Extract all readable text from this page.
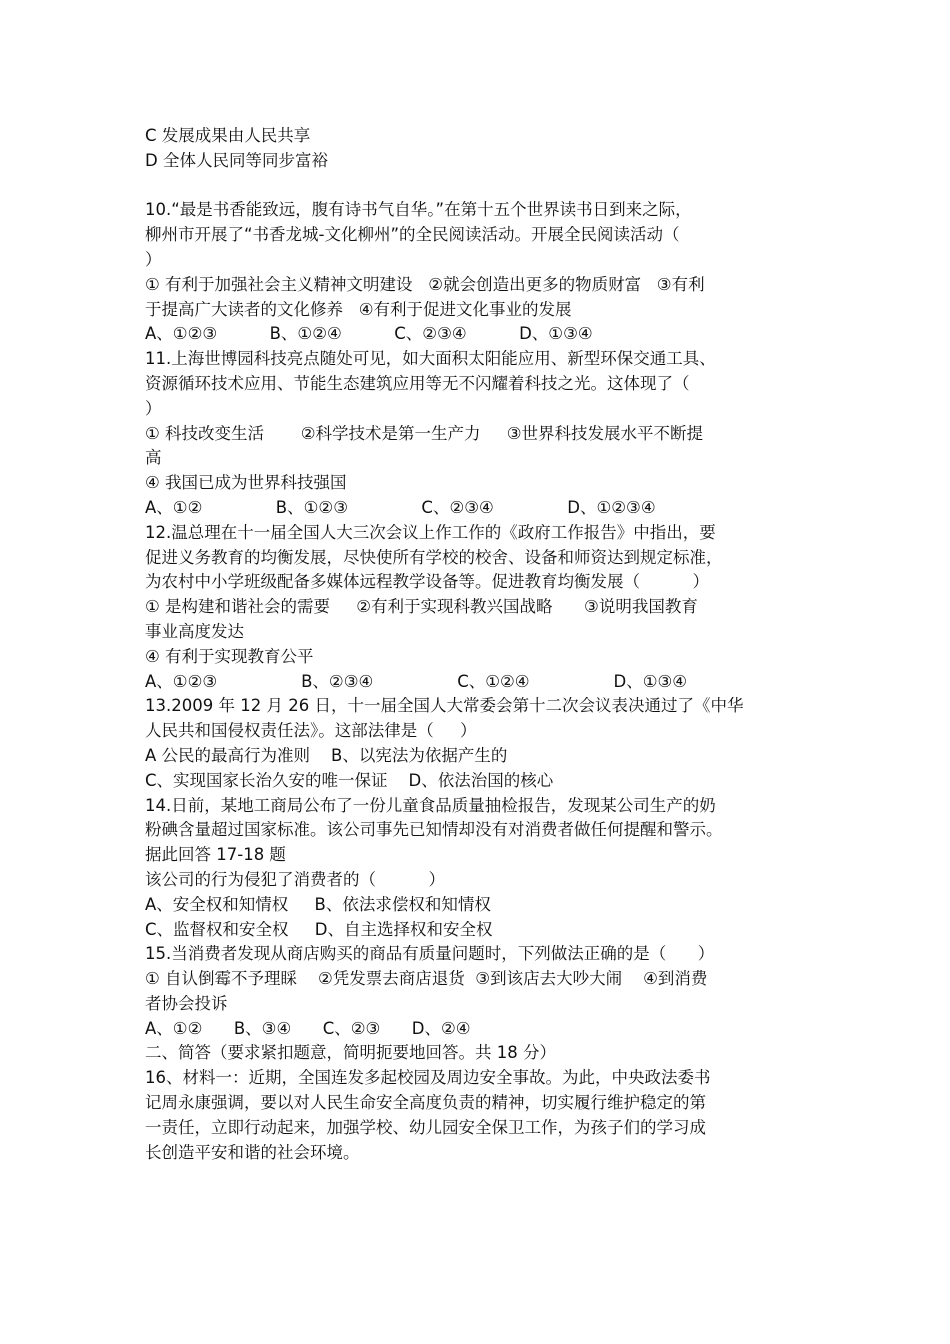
C 发展成果由人民共享
D 全体人民同等同步富裕
10.“最是书香能致远，腹有诗书气自华。”在第十五个世界读书日到来之际，
柳州市开展了“书香龙城-文化柳州”的全民阅读活动。开展全民阅读活动（
）
① 有利于加强社会主义精神文明建设   ②就会创造出更多的物质财富   ③有利
于提高广大读者的文化修养   ④有利于促进文化事业的发展
A、①②③          B、①②④          C、②③④          D、①③④
11.上海世博园科技亮点随处可见，如大面积太阳能应用、新型环保交通工具、
资源循环技术应用、节能生态建筑应用等无不闪耀着科技之光。这体现了（
）
① 科技改变生活       ②科学技术是第一生产力     ③世界科技发展水平不断提
高
④ 我国已成为世界科技强国
A、①②              B、①②③              C、②③④              D、①②③④
12.温总理在十一届全国人大三次会议上作工作的《政府工作报告》中指出，要
促进义务教育的均衡发展，尽快使所有学校的校舍、设备和师资达到规定标准，
为农村中小学班级配备多媒体远程教学设备等。促进教育均衡发展（          ）
① 是构建和谐社会的需要     ②有利于实现科教兴国战略      ③说明我国教育
事业高度发达
④ 有利于实现教育公平
A、①②③                B、②③④                C、①②④                D、①③④
13.2009 年 12 月 26 日，十一届全国人大常委会第十二次会议表决通过了《中华
人民共和国侵权责任法》。这部法律是（     ）
A 公民的最高行为准则    B、以宪法为依据产生的
C、实现国家长治久安的唯一保证    D、依法治国的核心
14.日前，某地工商局公布了一份儿童食品质量抽检报告，发现某公司生产的奶
粉碘含量超过国家标准。该公司事先已知情却没有对消费者做任何提醒和警示。
据此回答 17-18 题
该公司的行为侵犯了消费者的（          ）
A、安全权和知情权     B、依法求偿权和知情权
C、监督权和安全权     D、自主选择权和安全权
15.当消费者发现从商店购买的商品有质量问题时，下列做法正确的是（      ）
① 自认倒霉不予理睬    ②凭发票去商店退货  ③到该店去大吵大闹    ④到消费
者协会投诉
A、①②      B、③④      C、②③      D、②④
二、简答（要求紧扣题意，简明扼要地回答。共 18 分）
16、材料一：近期，全国连发多起校园及周边安全事故。为此，中央政法委书
记周永康强调，要以对人民生命安全高度负责的精神，切实履行维护稳定的第
一责任，立即行动起来，加强学校、幼儿园安全保卫工作，为孩子们的学习成
长创造平安和谐的社会环境。
